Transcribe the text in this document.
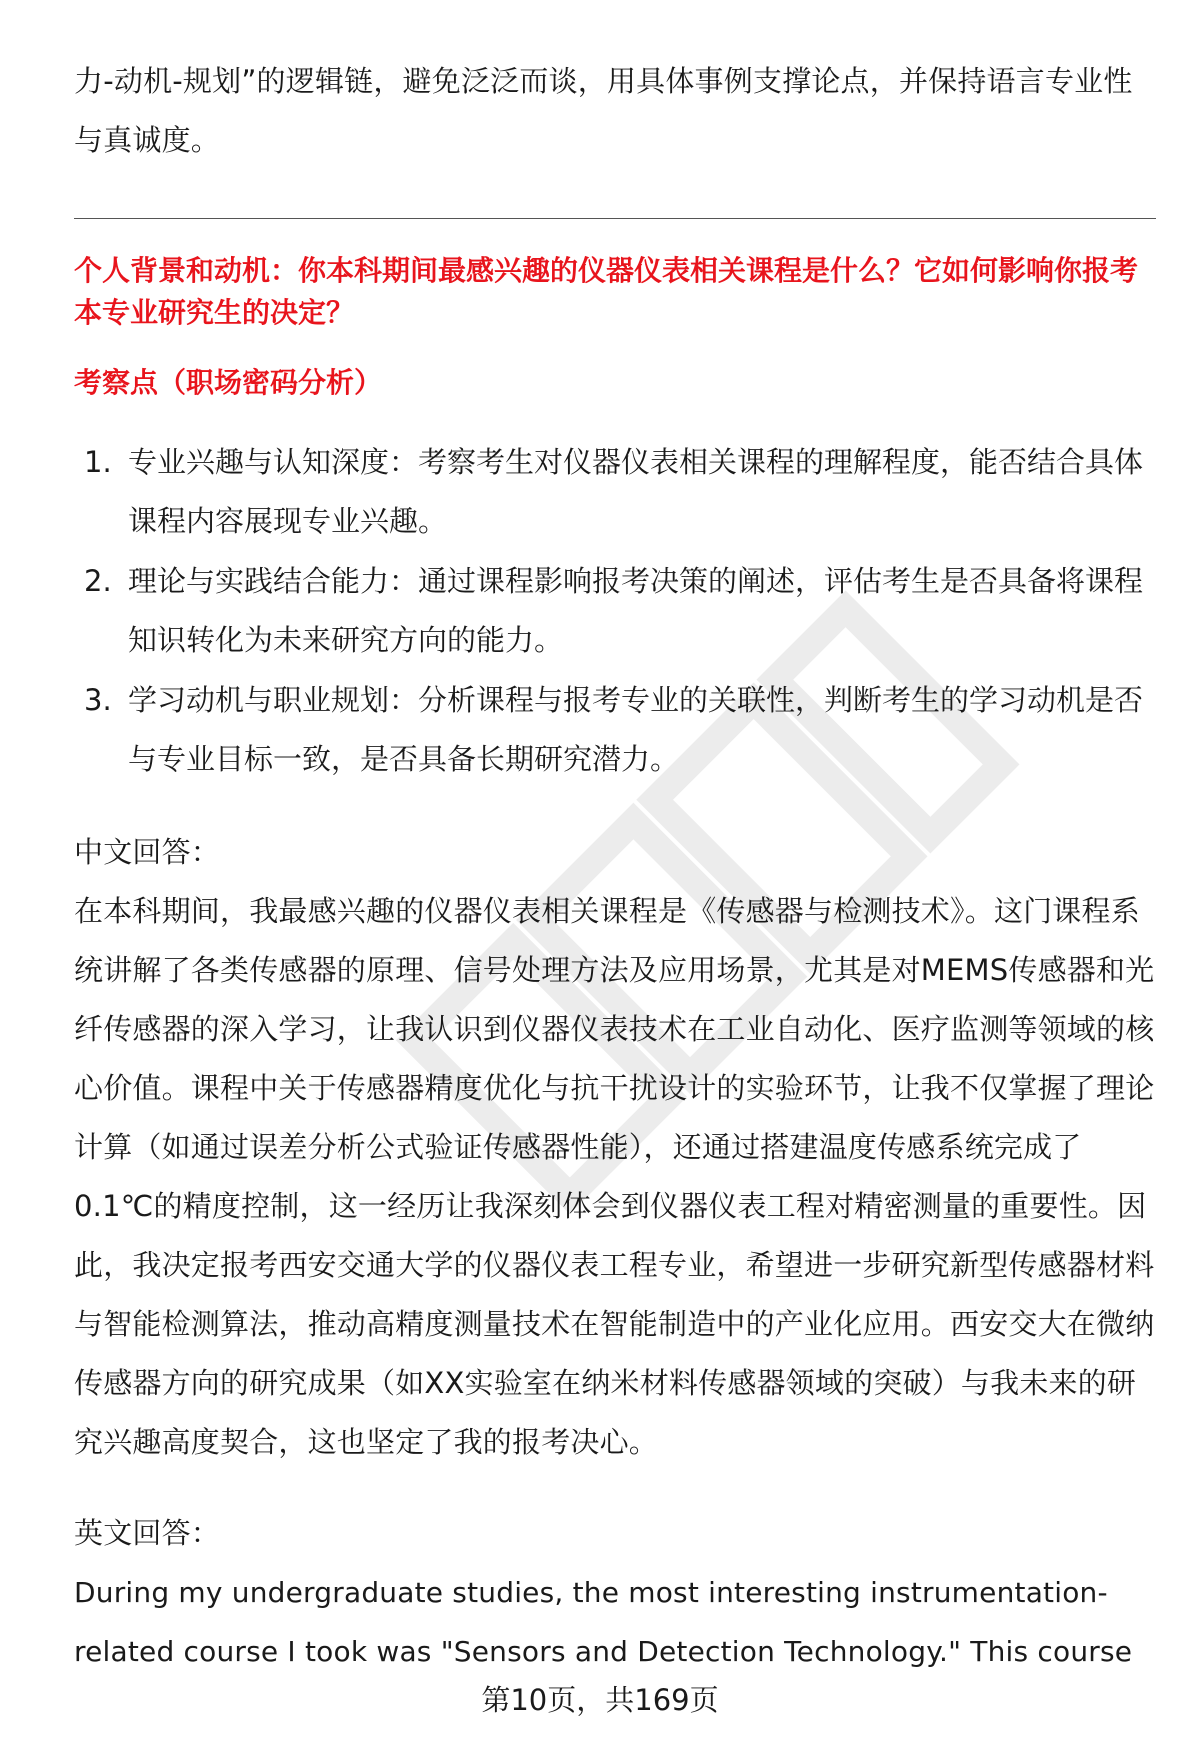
力-动机-规划”的逻辑链，避免泛泛而谈，用具体事例支撑论点，并保持语言专业性与真诚度。

个人背景和动机：你本科期间最感兴趣的仪器仪表相关课程是什么？它如何影响你报考本专业研究生的决定？

考察点（职场密码分析）

1. 专业兴趣与认知深度：考察考生对仪器仪表相关课程的理解程度，能否结合具体课程内容展现专业兴趣。
2. 理论与实践结合能力：通过课程影响报考决策的阐述，评估考生是否具备将课程知识转化为未来研究方向的能力。
3. 学习动机与职业规划：分析课程与报考专业的关联性，判断考生的学习动机是否与专业目标一致，是否具备长期研究潜力。

中文回答：

在本科期间，我最感兴趣的仪器仪表相关课程是《传感器与检测技术》。这门课程系统讲解了各类传感器的原理、信号处理方法及应用场景，尤其是对MEMS传感器和光纤传感器的深入学习，让我认识到仪器仪表技术在工业自动化、医疗监测等领域的核心价值。课程中关于传感器精度优化与抗干扰设计的实验环节，让我不仅掌握了理论计算（如通过误差分析公式验证传感器性能），还通过搭建温度传感系统完成了0.1℃的精度控制，这一经历让我深刻体会到仪器仪表工程对精密测量的重要性。因此，我决定报考西安交通大学的仪器仪表工程专业，希望进一步研究新型传感器材料与智能检测算法，推动高精度测量技术在智能制造中的产业化应用。西安交大在微纳传感器方向的研究成果（如XX实验室在纳米材料传感器领域的突破）与我未来的研究兴趣高度契合，这也坚定了我的报考决心。

英文回答：

During my undergraduate studies, the most interesting instrumentation-related course I took was "Sensors and Detection Technology." This course

第10页，共169页
